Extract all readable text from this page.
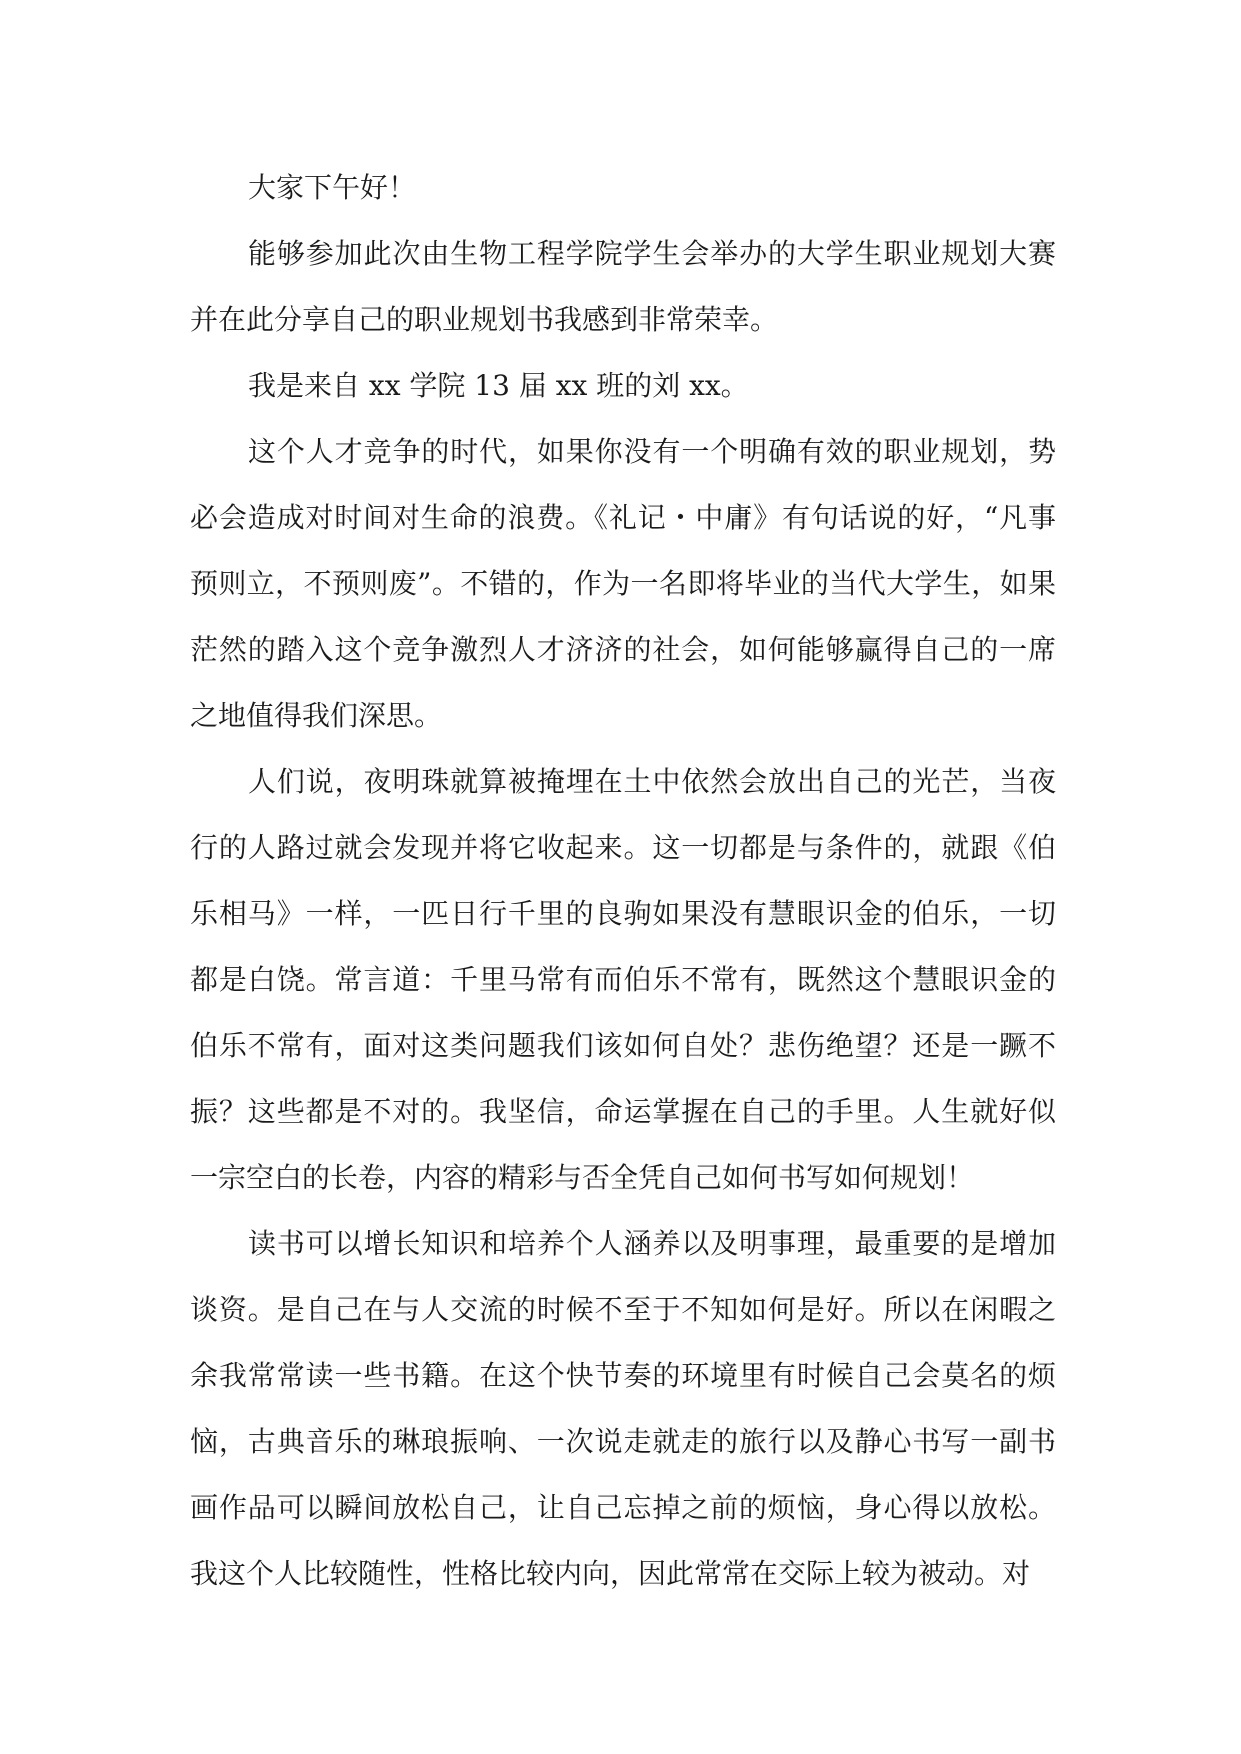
大家下午好！

能够参加此次由生物工程学院学生会举办的大学生职业规划大赛并在此分享自己的职业规划书我感到非常荣幸。

我是来自 xx 学院 13 届 xx 班的刘 xx。

这个人才竞争的时代，如果你没有一个明确有效的职业规划，势必会造成对时间对生命的浪费。《礼记・中庸》有句话说的好，“凡事预则立，不预则废”。不错的，作为一名即将毕业的当代大学生，如果茫然的踏入这个竞争激烈人才济济的社会，如何能够赢得自己的一席之地值得我们深思。

人们说，夜明珠就算被掩埋在土中依然会放出自己的光芒，当夜行的人路过就会发现并将它收起来。这一切都是与条件的，就跟《伯乐相马》一样，一匹日行千里的良驹如果没有慧眼识金的伯乐，一切都是白饶。常言道：千里马常有而伯乐不常有，既然这个慧眼识金的伯乐不常有，面对这类问题我们该如何自处？悲伤绝望？还是一蹶不振？这些都是不对的。我坚信，命运掌握在自己的手里。人生就好似一宗空白的长卷，内容的精彩与否全凭自己如何书写如何规划！

读书可以增长知识和培养个人涵养以及明事理，最重要的是增加谈资。是自己在与人交流的时候不至于不知如何是好。所以在闲暇之余我常常读一些书籍。在这个快节奏的环境里有时候自己会莫名的烦恼，古典音乐的琳琅振响、一次说走就走的旅行以及静心书写一副书画作品可以瞬间放松自己，让自己忘掉之前的烦恼，身心得以放松。我这个人比较随性，性格比较内向，因此常常在交际上较为被动。对
